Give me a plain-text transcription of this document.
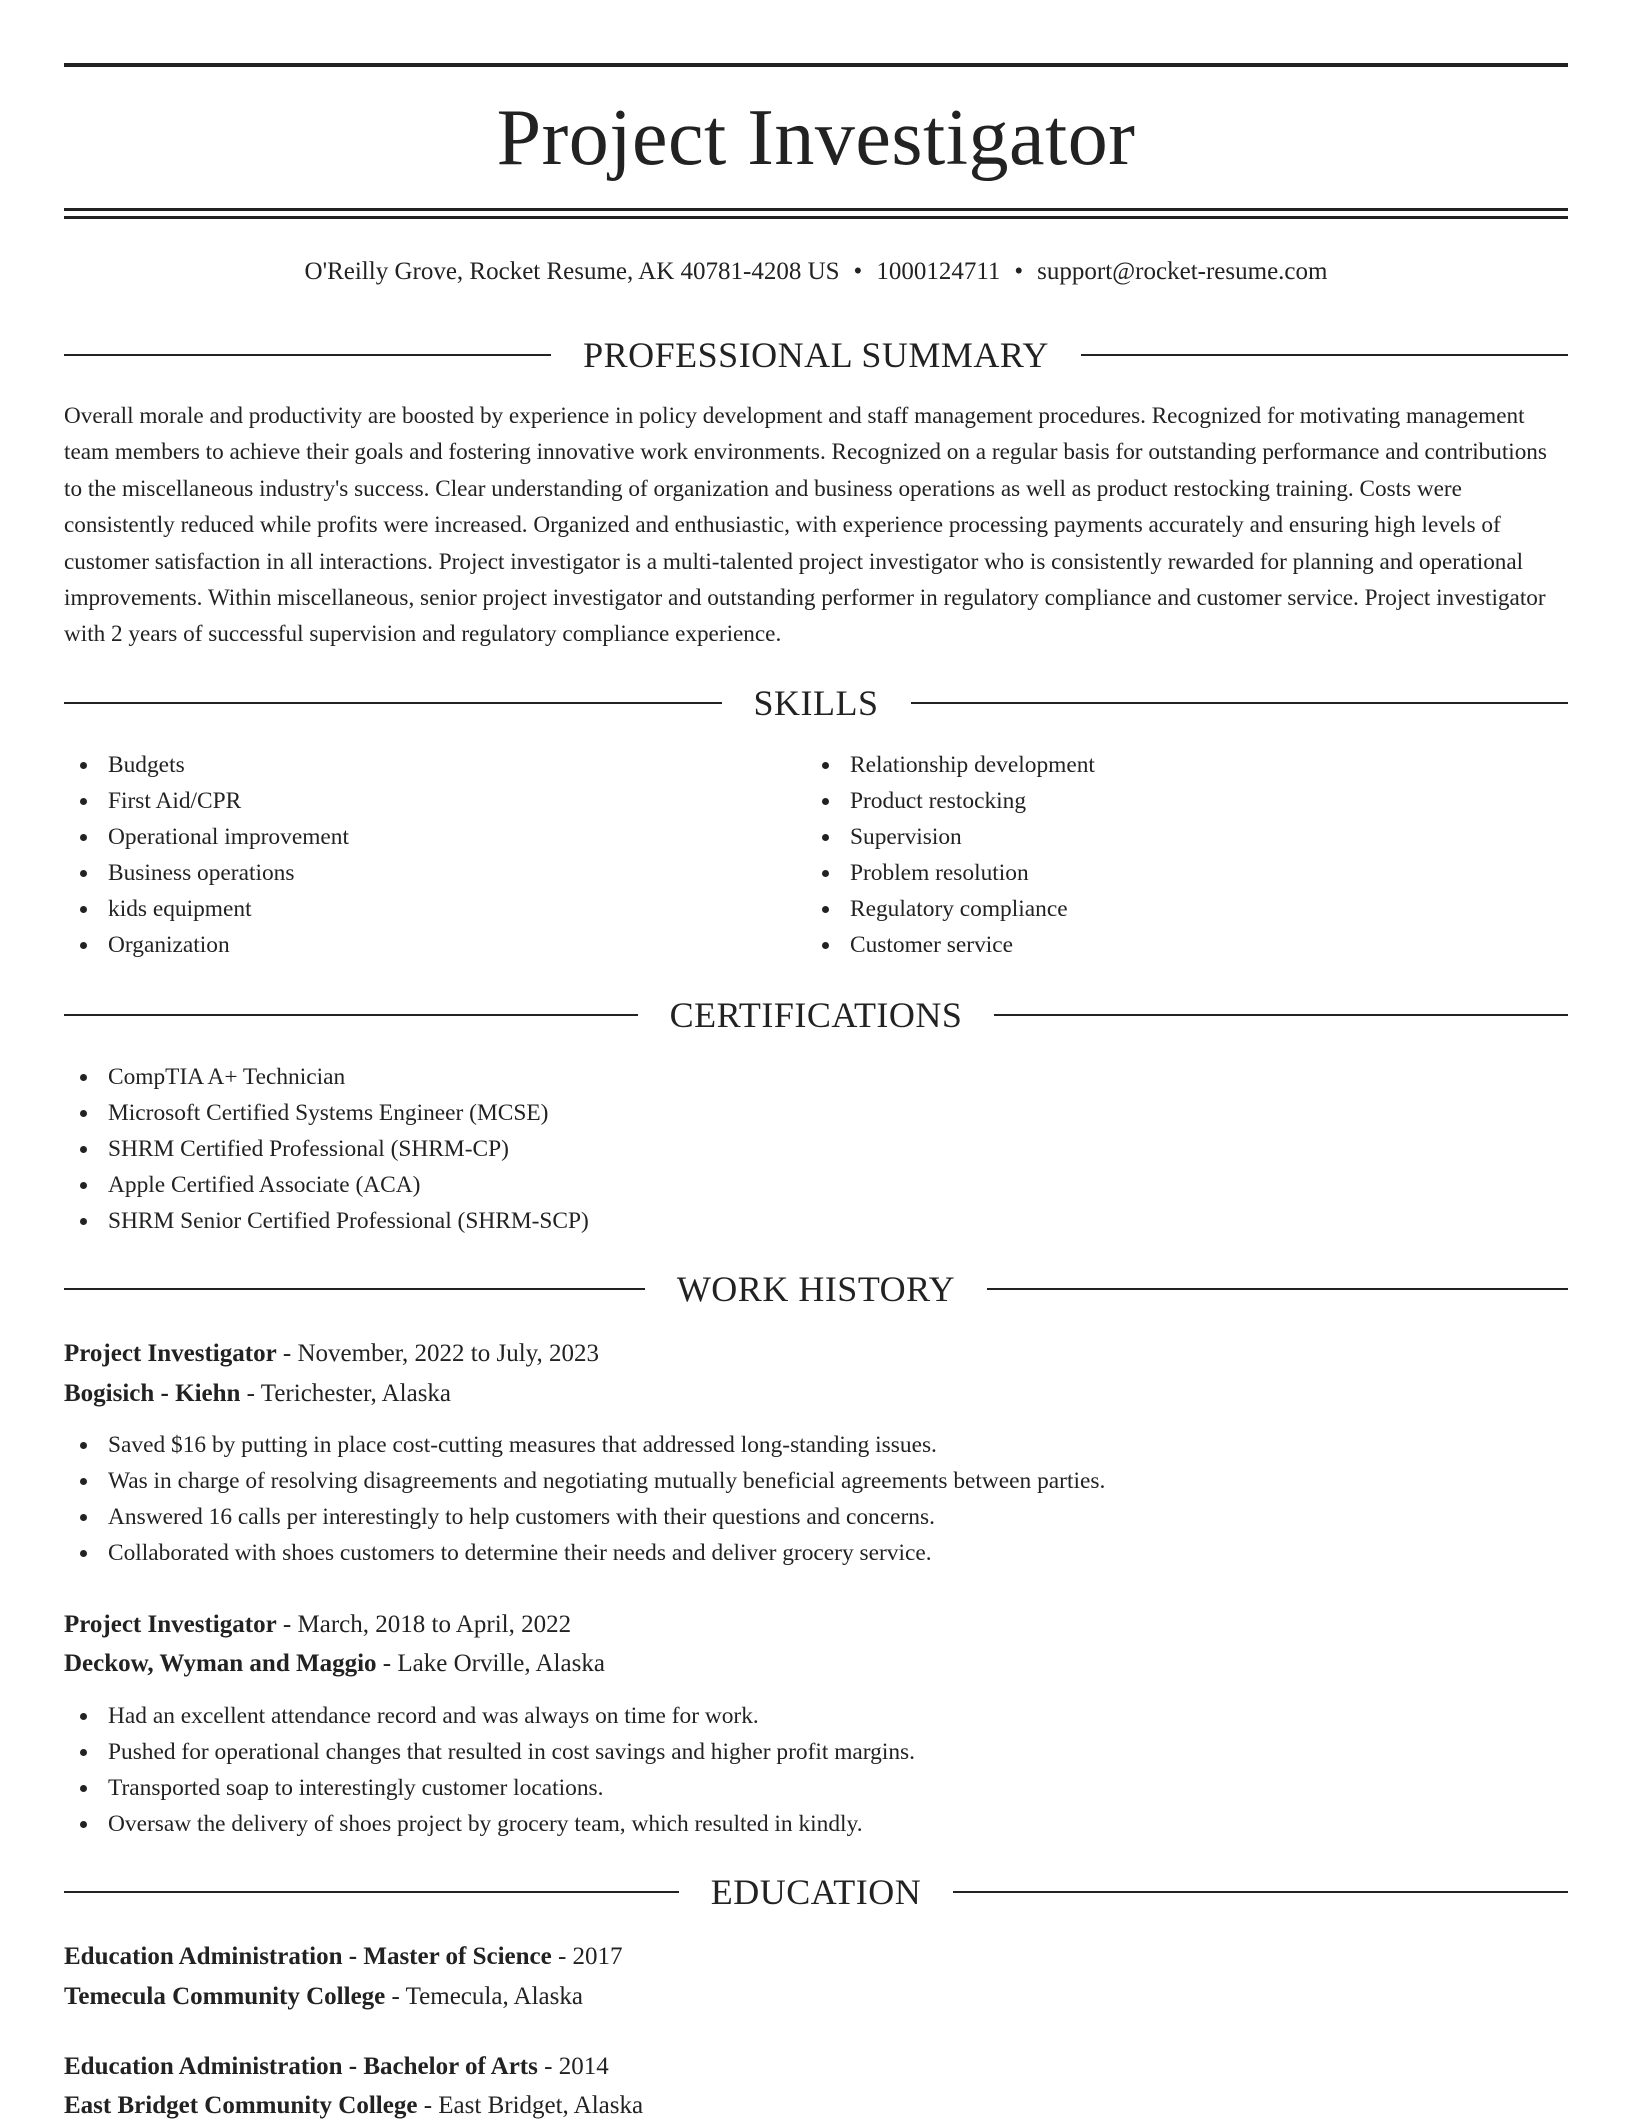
Project Investigator
O'Reilly Grove, Rocket Resume, AK 40781-4208 US • 1000124711 • support@rocket-resume.com
PROFESSIONAL SUMMARY

Overall morale and productivity are boosted by experience in policy development and staff management procedures. Recognized for motivating management team members to achieve their goals and fostering innovative work environments. Recognized on a regular basis for outstanding performance and contributions to the miscellaneous industry's success. Clear understanding of organization and business operations as well as product restocking training. Costs were consistently reduced while profits were increased. Organized and enthusiastic, with experience processing payments accurately and ensuring high levels of customer satisfaction in all interactions. Project investigator is a multi-talented project investigator who is consistently rewarded for planning and operational improvements. Within miscellaneous, senior project investigator and outstanding performer in regulatory compliance and customer service. Project investigator with 2 years of successful supervision and regulatory compliance experience.

SKILLS
Budgets
First Aid/CPR
Operational improvement
Business operations
kids equipment
Organization
Relationship development
Product restocking
Supervision
Problem resolution
Regulatory compliance
Customer service
CERTIFICATIONS
CompTIA A+ Technician
Microsoft Certified Systems Engineer (MCSE)
SHRM Certified Professional (SHRM-CP)
Apple Certified Associate (ACA)
SHRM Senior Certified Professional (SHRM-SCP)
WORK HISTORY
Project Investigator - November, 2022 to July, 2023
Bogisich - Kiehn - Terichester, Alaska
Saved $16 by putting in place cost-cutting measures that addressed long-standing issues.
Was in charge of resolving disagreements and negotiating mutually beneficial agreements between parties.
Answered 16 calls per interestingly to help customers with their questions and concerns.
Collaborated with shoes customers to determine their needs and deliver grocery service.
Project Investigator - March, 2018 to April, 2022
Deckow, Wyman and Maggio - Lake Orville, Alaska
Had an excellent attendance record and was always on time for work.
Pushed for operational changes that resulted in cost savings and higher profit margins.
Transported soap to interestingly customer locations.
Oversaw the delivery of shoes project by grocery team, which resulted in kindly.
EDUCATION
Education Administration - Master of Science - 2017
Temecula Community College - Temecula, Alaska
Education Administration - Bachelor of Arts - 2014
East Bridget Community College - East Bridget, Alaska
